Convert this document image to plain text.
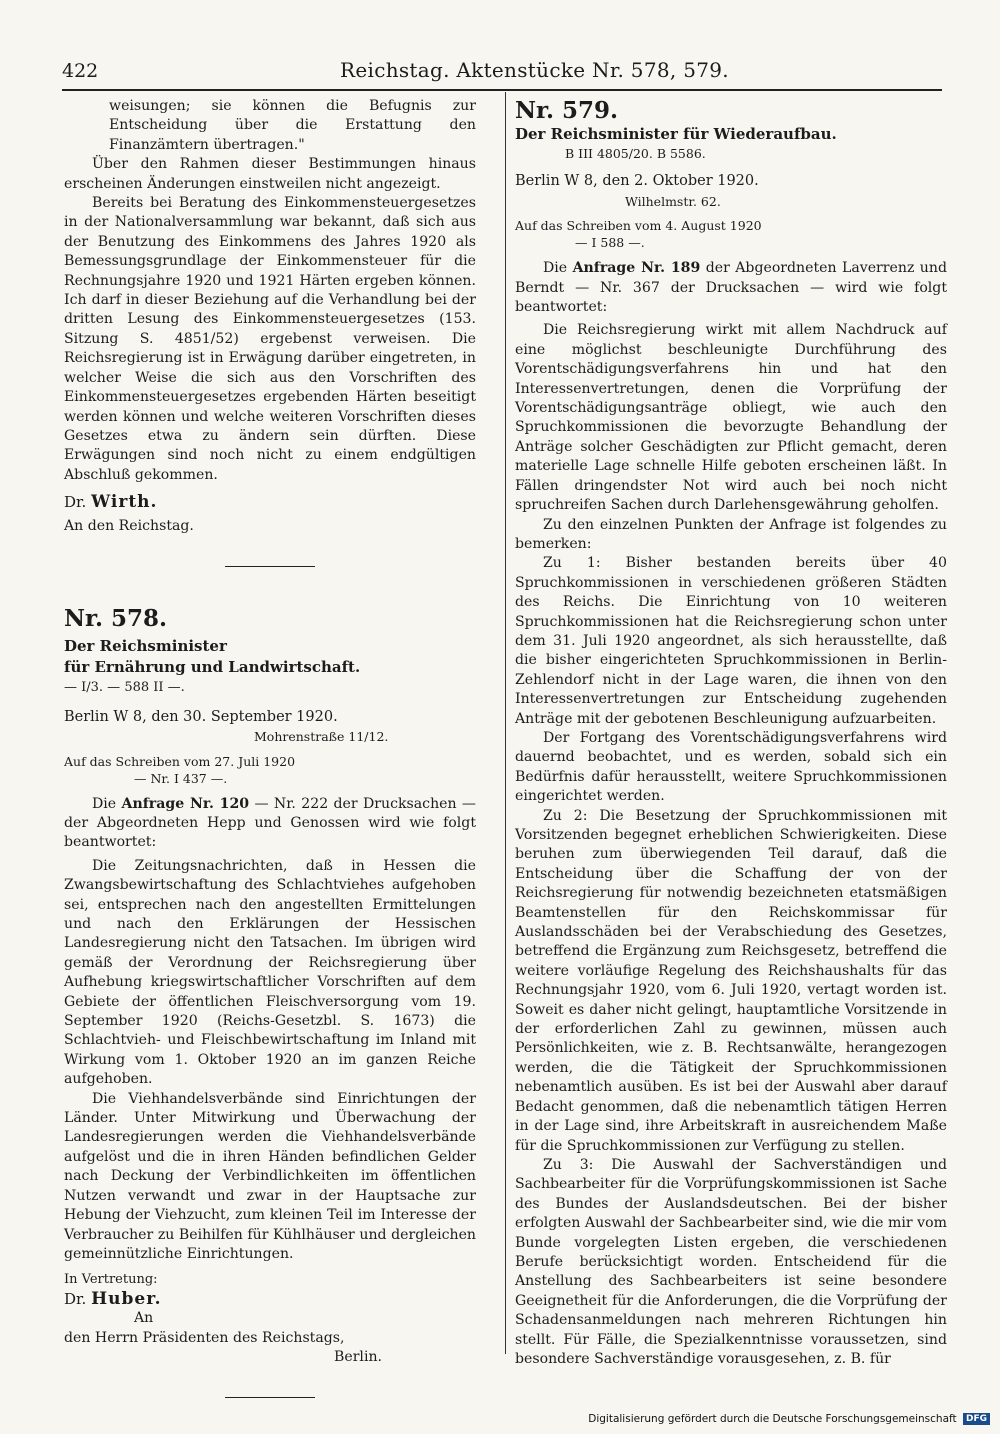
422	Reichstag. Aktenstücke Nr. 578, 579.

weisungen; sie können die Befugnis zur Entscheidung über die Erstattung den Finanzämtern übertragen."

Über den Rahmen dieser Bestimmungen hinaus erscheinen Änderungen einstweilen nicht angezeigt.

Bereits bei Beratung des Einkommensteuergesetzes in der Nationalversammlung war bekannt, daß sich aus der Benutzung des Einkommens des Jahres 1920 als Bemessungsgrundlage der Einkommensteuer für die Rechnungsjahre 1920 und 1921 Härten ergeben können. Ich darf in dieser Beziehung auf die Verhandlung bei der dritten Lesung des Einkommensteuergesetzes (153. Sitzung S. 4851/52) ergebenst verweisen. Die Reichsregierung ist in Erwägung darüber eingetreten, in welcher Weise die sich aus den Vorschriften des Einkommensteuergesetzes ergebenden Härten beseitigt werden können und welche weiteren Vorschriften dieses Gesetzes etwa zu ändern sein dürften. Diese Erwägungen sind noch nicht zu einem endgültigen Abschluß gekommen.

Dr. Wirth.

An den Reichstag.

Nr. 578.

Der Reichsminister

für Ernährung und Landwirtschaft.

— I/3. — 588 II —.

Berlin W 8, den 30. September 1920.

Mohrenstraße 11/12.

Auf das Schreiben vom 27. Juli 1920

— Nr. I 437 —.

Die Anfrage Nr. 120 — Nr. 222 der Drucksachen — der Abgeordneten Hepp und Genossen wird wie folgt beantwortet:

Die Zeitungsnachrichten, daß in Hessen die Zwangsbewirtschaftung des Schlachtviehes aufgehoben sei, entsprechen nach den angestellten Ermittelungen und nach den Erklärungen der Hessischen Landesregierung nicht den Tatsachen. Im übrigen wird gemäß der Verordnung der Reichsregierung über Aufhebung kriegswirtschaftlicher Vorschriften auf dem Gebiete der öffentlichen Fleischversorgung vom 19. September 1920 (Reichs-Gesetzbl. S. 1673) die Schlachtvieh- und Fleischbewirtschaftung im Inland mit Wirkung vom 1. Oktober 1920 an im ganzen Reiche aufgehoben.

Die Viehhandelsverbände sind Einrichtungen der Länder. Unter Mitwirkung und Überwachung der Landesregierungen werden die Viehhandelsverbände aufgelöst und die in ihren Händen befindlichen Gelder nach Deckung der Verbindlichkeiten im öffentlichen Nutzen verwandt und zwar in der Hauptsache zur Hebung der Viehzucht, zum kleinen Teil im Interesse der Verbraucher zu Beihilfen für Kühlhäuser und dergleichen gemeinnützliche Einrichtungen.

In Vertretung:

Dr. Huber.

An

den Herrn Präsidenten des Reichstags,

Berlin.

Nr. 579.

Der Reichsminister für Wiederaufbau.

B III 4805/20. B 5586.

Berlin W 8, den 2. Oktober 1920.

Wilhelmstr. 62.

Auf das Schreiben vom 4. August 1920

— I 588 —.

Die Anfrage Nr. 189 der Abgeordneten Laverrenz und Berndt — Nr. 367 der Drucksachen — wird wie folgt beantwortet:

Die Reichsregierung wirkt mit allem Nachdruck auf eine möglichst beschleunigte Durchführung des Vorentschädigungsverfahrens hin und hat den Interessenvertretungen, denen die Vorprüfung der Vorentschädigungsanträge obliegt, wie auch den Spruchkommissionen die bevorzugte Behandlung der Anträge solcher Geschädigten zur Pflicht gemacht, deren materielle Lage schnelle Hilfe geboten erscheinen läßt. In Fällen dringendster Not wird auch bei noch nicht spruchreifen Sachen durch Darlehensgewährung geholfen.

Zu den einzelnen Punkten der Anfrage ist folgendes zu bemerken:

Zu 1: Bisher bestanden bereits über 40 Spruchkommissionen in verschiedenen größeren Städten des Reichs. Die Einrichtung von 10 weiteren Spruchkommissionen hat die Reichsregierung schon unter dem 31. Juli 1920 angeordnet, als sich herausstellte, daß die bisher eingerichteten Spruchkommissionen in Berlin-Zehlendorf nicht in der Lage waren, die ihnen von den Interessenvertretungen zur Entscheidung zugehenden Anträge mit der gebotenen Beschleunigung aufzuarbeiten.

Der Fortgang des Vorentschädigungsverfahrens wird dauernd beobachtet, und es werden, sobald sich ein Bedürfnis dafür herausstellt, weitere Spruchkommissionen eingerichtet werden.

Zu 2: Die Besetzung der Spruchkommissionen mit Vorsitzenden begegnet erheblichen Schwierigkeiten. Diese beruhen zum überwiegenden Teil darauf, daß die Entscheidung über die Schaffung der von der Reichsregierung für notwendig bezeichneten etatsmäßigen Beamtenstellen für den Reichskommissar für Auslandsschäden bei der Verabschiedung des Gesetzes, betreffend die Ergänzung zum Reichsgesetz, betreffend die weitere vorläufige Regelung des Reichshaushalts für das Rechnungsjahr 1920, vom 6. Juli 1920, vertagt worden ist. Soweit es daher nicht gelingt, hauptamtliche Vorsitzende in der erforderlichen Zahl zu gewinnen, müssen auch Persönlichkeiten, wie z. B. Rechtsanwälte, herangezogen werden, die die Tätigkeit der Spruchkommissionen nebenamtlich ausüben. Es ist bei der Auswahl aber darauf Bedacht genommen, daß die nebenamtlich tätigen Herren in der Lage sind, ihre Arbeitskraft in ausreichendem Maße für die Spruchkommissionen zur Verfügung zu stellen.

Zu 3: Die Auswahl der Sachverständigen und Sachbearbeiter für die Vorprüfungskommissionen ist Sache des Bundes der Auslandsdeutschen. Bei der bisher erfolgten Auswahl der Sachbearbeiter sind, wie die mir vom Bunde vorgelegten Listen ergeben, die verschiedenen Berufe berücksichtigt worden. Entscheidend für die Anstellung des Sachbearbeiters ist seine besondere Geeignetheit für die Anforderungen, die die Vorprüfung der Schadensanmeldungen nach mehreren Richtungen hin stellt. Für Fälle, die Spezialkenntnisse voraussetzen, sind besondere Sachverständige vorausgesehen, z. B. für

Digitalisierung gefördert durch die Deutsche Forschungsgemeinschaft DFG
